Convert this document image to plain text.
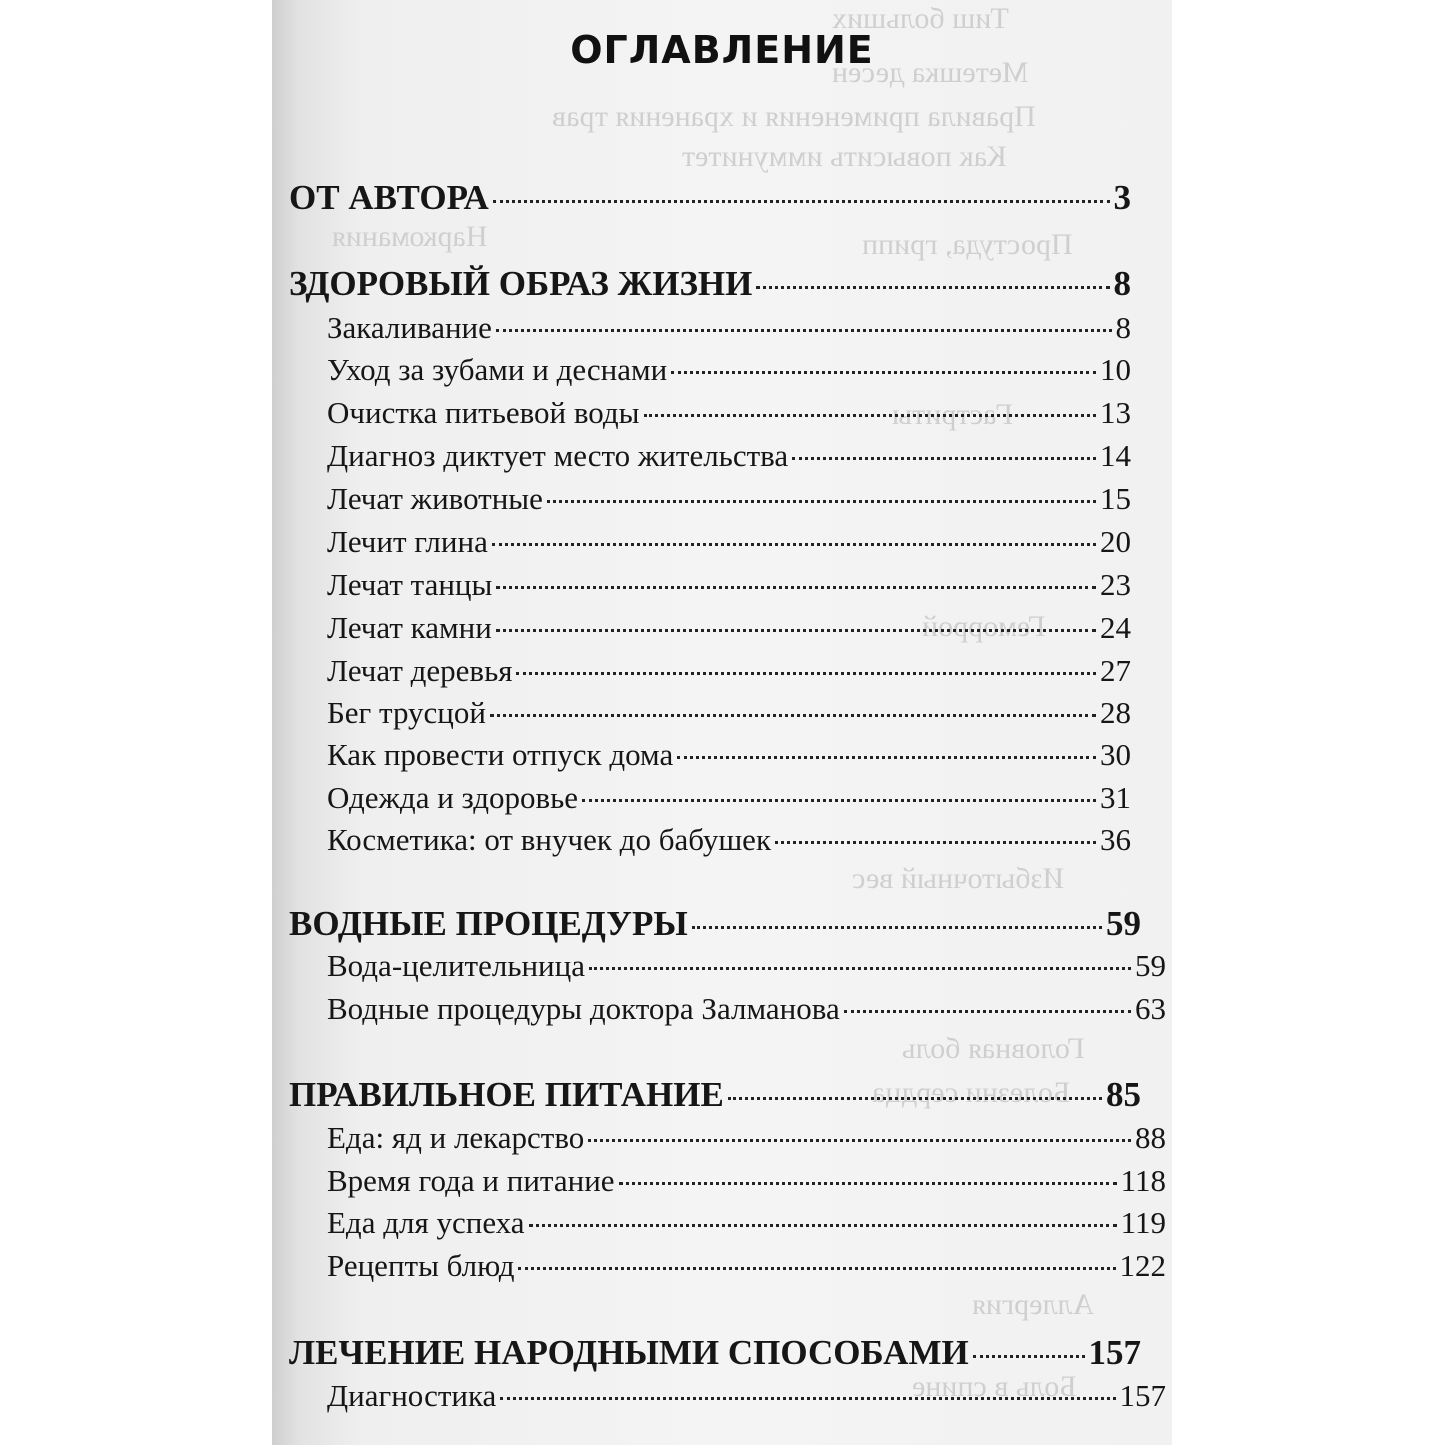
Тиш больших
Метешка десен
Правила применения и хранения трав
Как повысить иммунитет
Простуда, грипп
Наркомания
Гастриты
Геморрой
Избыточный вес
Головная боль
Болезни сердца
Аллергия
Боль в спине
ОГЛАВЛЕНИЕ
ОТ АВТОРА	3
ЗДОРОВЫЙ ОБРАЗ ЖИЗНИ	8
Закаливание	8
Уход за зубами и деснами	10
Очистка питьевой воды	13
Диагноз диктует место жительства	14
Лечат животные	15
Лечит глина	20
Лечат танцы	23
Лечат камни	24
Лечат деревья	27
Бег трусцой	28
Как провести отпуск дома	30
Одежда и здоровье	31
Косметика: от внучек до бабушек	36
ВОДНЫЕ ПРОЦЕДУРЫ	59
Вода-целительница	59
Водные процедуры доктора Залманова	63
ПРАВИЛЬНОЕ ПИТАНИЕ	85
Еда: яд и лекарство	88
Время года и питание	118
Еда для успеха	119
Рецепты блюд	122
ЛЕЧЕНИЕ НАРОДНЫМИ СПОСОБАМИ	157
Диагностика	157
